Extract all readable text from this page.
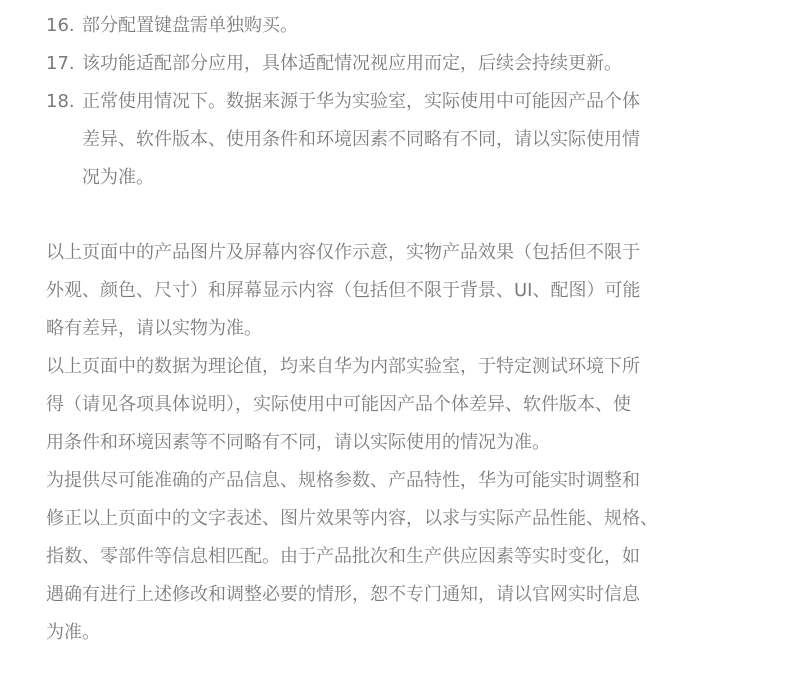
16. 部分配置键盘需单独购买。
17. 该功能适配部分应用，具体适配情况视应用而定，后续会持续更新。
18. 正常使用情况下。数据来源于华为实验室，实际使用中可能因产品个体
差异、软件版本、使用条件和环境因素不同略有不同，请以实际使用情
况为准。

以上页面中的产品图片及屏幕内容仅作示意，实物产品效果（包括但不限于
外观、颜色、尺寸）和屏幕显示内容（包括但不限于背景、UI、配图）可能
略有差异，请以实物为准。

以上页面中的数据为理论值，均来自华为内部实验室，于特定测试环境下所
得（请见各项具体说明），实际使用中可能因产品个体差异、软件版本、使
用条件和环境因素等不同略有不同，请以实际使用的情况为准。

为提供尽可能准确的产品信息、规格参数、产品特性，华为可能实时调整和
修正以上页面中的文字表述、图片效果等内容，以求与实际产品性能、规格、
指数、零部件等信息相匹配。由于产品批次和生产供应因素等实时变化，如
遇确有进行上述修改和调整必要的情形，恕不专门通知，请以官网实时信息
为准。
